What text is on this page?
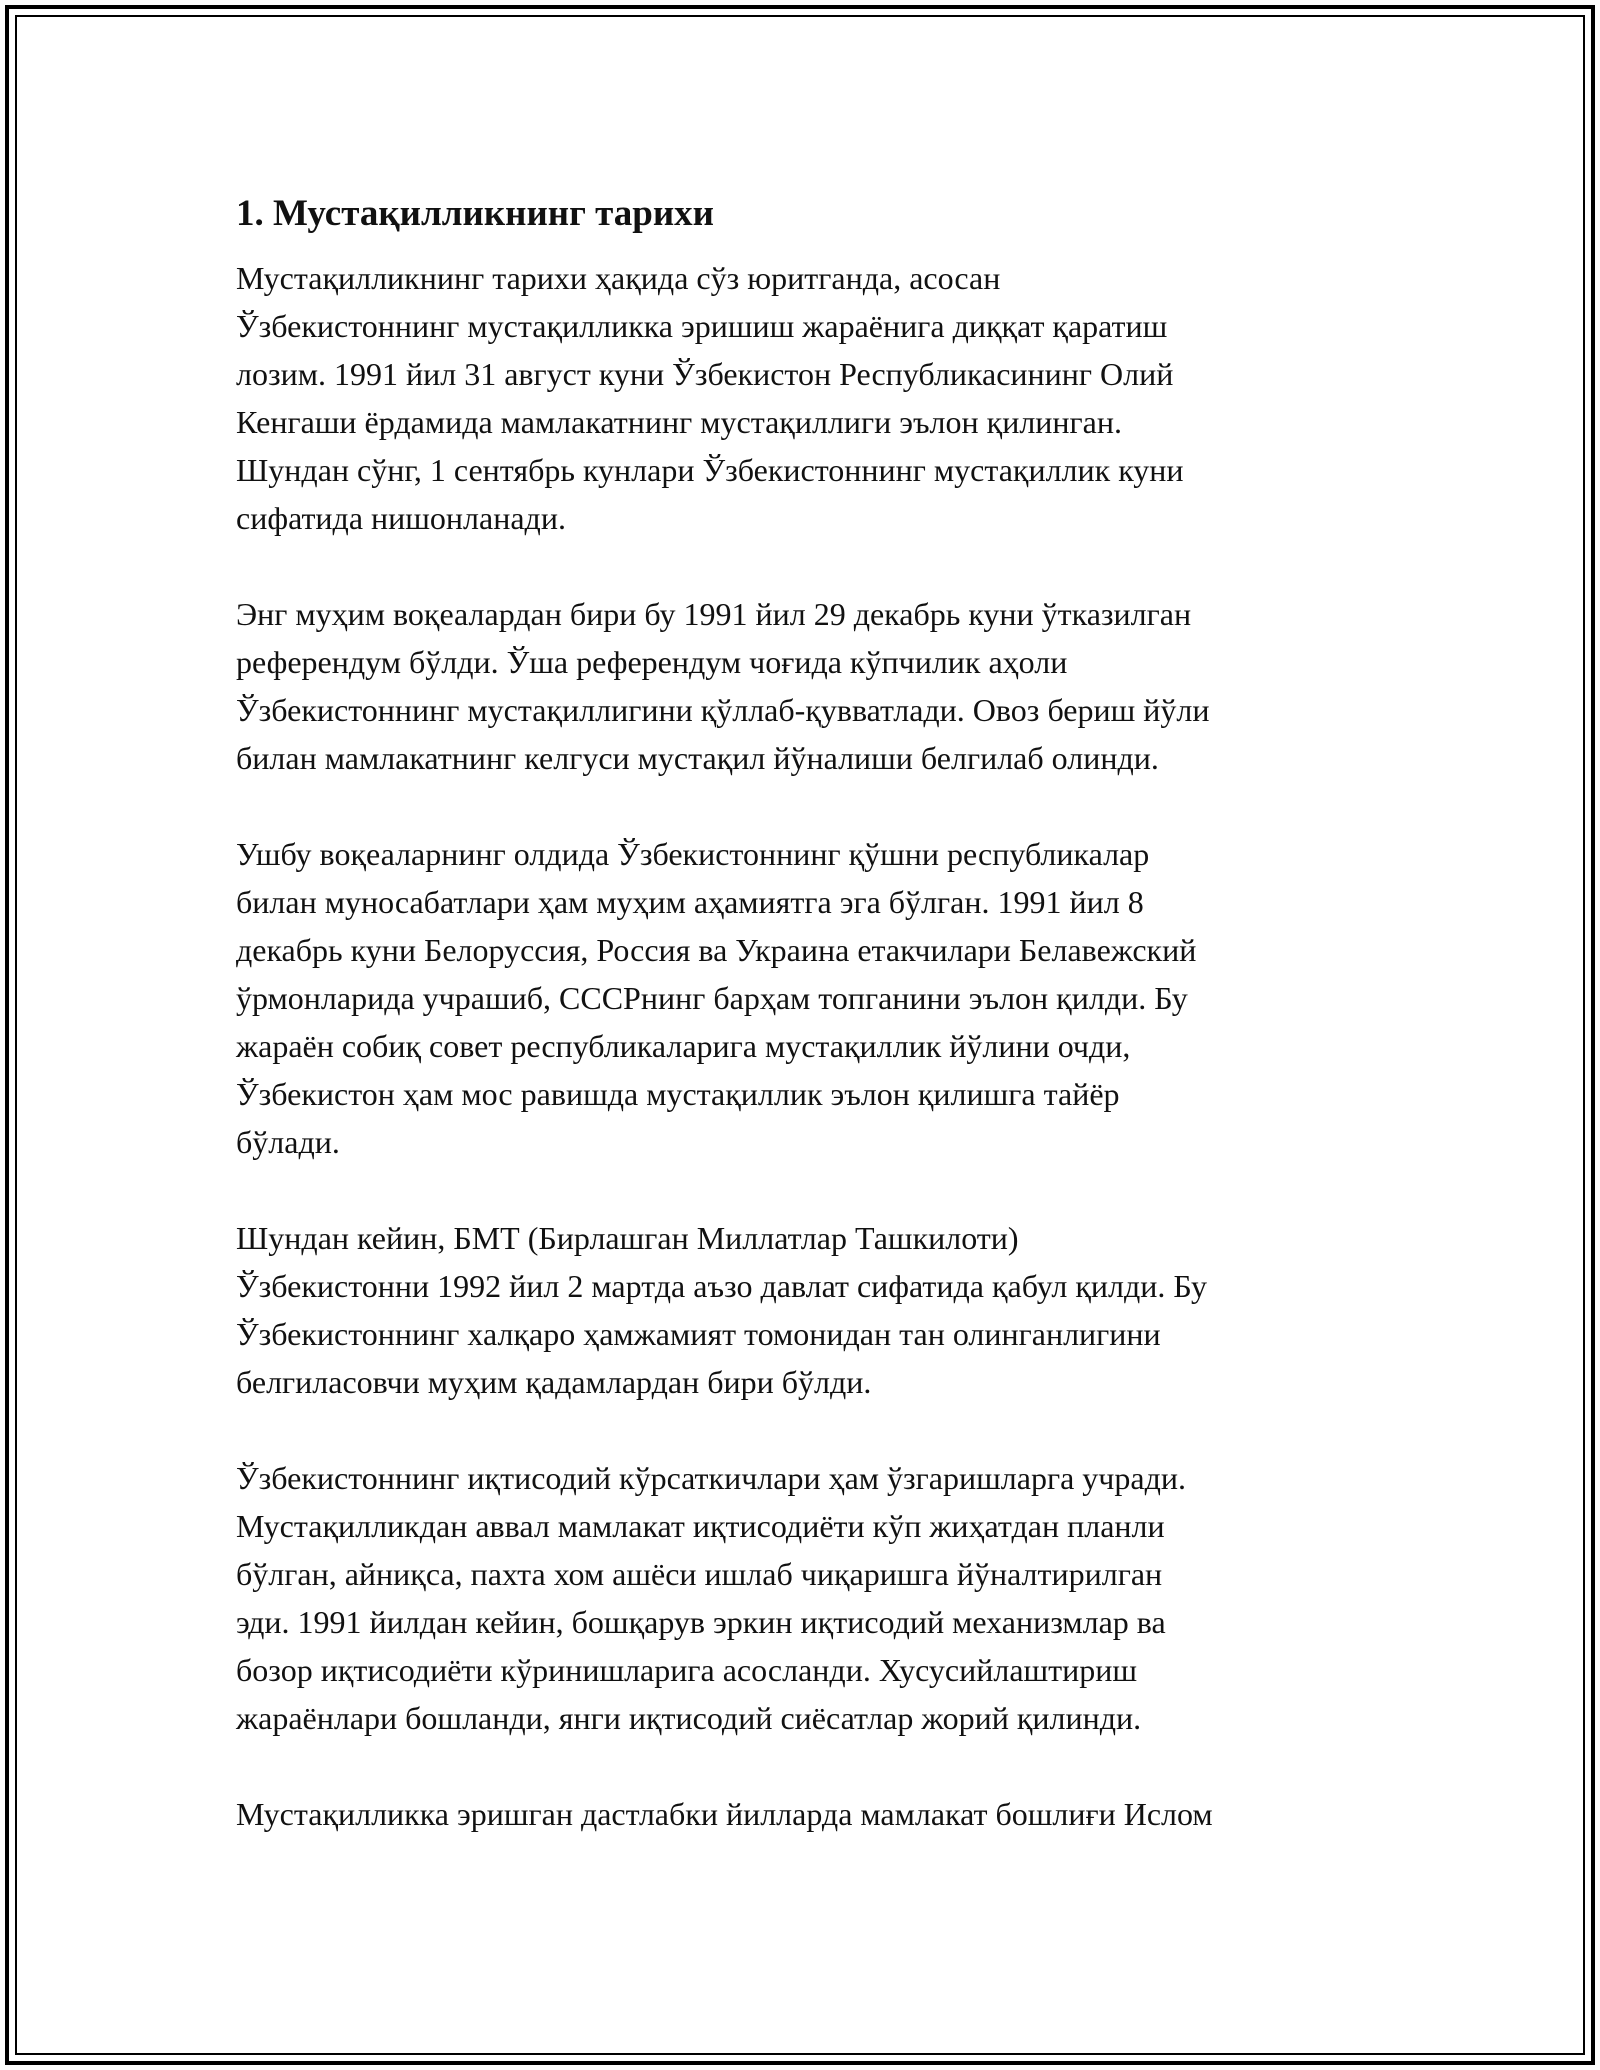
1. Мустақилликнинг тарихи
Мустақилликнинг тарихи ҳақида сўз юритганда, асосан
Ўзбекистоннинг мустақилликка эришиш жараёнига диққат қаратиш
лозим. 1991 йил 31 август куни Ўзбекистон Республикасининг Олий
Кенгаши ёрдамида мамлакатнинг мустақиллиги эълон қилинган.
Шундан сўнг, 1 сентябрь кунлари Ўзбекистоннинг мустақиллик куни
сифатида нишонланади.
Энг муҳим воқеалардан бири бу 1991 йил 29 декабрь куни ўтказилган
референдум бўлди. Ўша референдум чоғида кўпчилик аҳоли
Ўзбекистоннинг мустақиллигини қўллаб-қувватлади. Овоз бериш йўли
билан мамлакатнинг келгуси мустақил йўналиши белгилаб олинди.
Ушбу воқеаларнинг олдида Ўзбекистоннинг қўшни республикалар
билан муносабатлари ҳам муҳим аҳамиятга эга бўлган. 1991 йил 8
декабрь куни Белоруссия, Россия ва Украина етакчилари Белавежский
ўрмонларида учрашиб, СССРнинг барҳам топганини эълон қилди. Бу
жараён собиқ совет республикаларига мустақиллик йўлини очди,
Ўзбекистон ҳам мос равишда мустақиллик эълон қилишга тайёр
бўлади.
Шундан кейин, БМТ (Бирлашган Миллатлар Ташкилоти)
Ўзбекистонни 1992 йил 2 мартда аъзо давлат сифатида қабул қилди. Бу
Ўзбекистоннинг халқаро ҳамжамият томонидан тан олинганлигини
белгиласовчи муҳим қадамлардан бири бўлди.
Ўзбекистоннинг иқтисодий кўрсаткичлари ҳам ўзгаришларга учради.
Мустақилликдан аввал мамлакат иқтисодиёти кўп жиҳатдан планли
бўлган, айниқса, пахта хом ашёси ишлаб чиқаришга йўналтирилган
эди. 1991 йилдан кейин, бошқарув эркин иқтисодий механизмлар ва
бозор иқтисодиёти кўринишларига асосланди. Хусусийлаштириш
жараёнлари бошланди, янги иқтисодий сиёсатлар жорий қилинди.
Мустақилликка эришган дастлабки йилларда мамлакат бошлиғи Ислом
